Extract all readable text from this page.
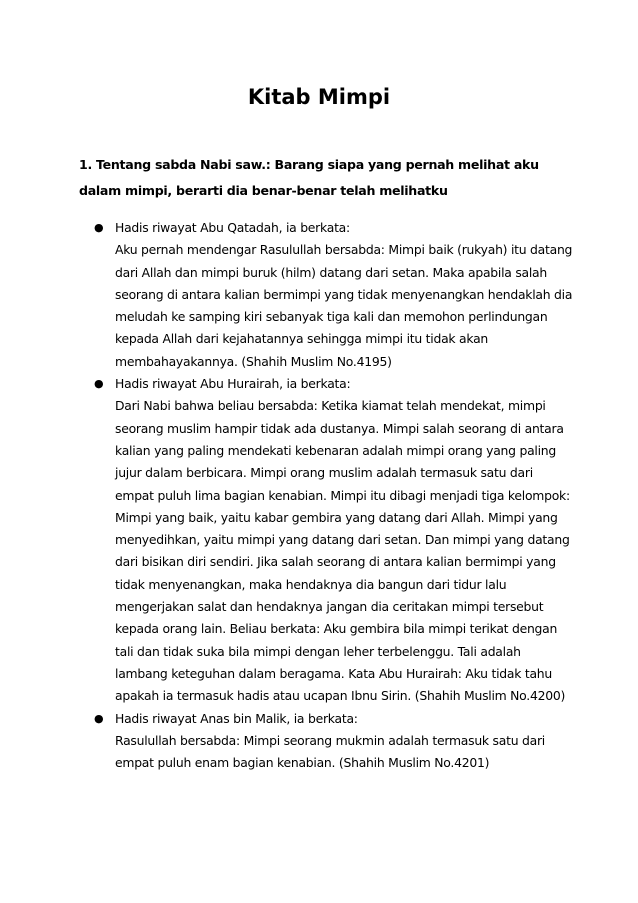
Kitab Mimpi

1. Tentang sabda Nabi saw.: Barang siapa yang pernah melihat aku dalam mimpi, berarti dia benar-benar telah melihatku

● Hadis riwayat Abu Qatadah, ia berkata:

Aku pernah mendengar Rasulullah bersabda: Mimpi baik (rukyah) itu datang dari Allah dan mimpi buruk (hilm) datang dari setan. Maka apabila salah seorang di antara kalian bermimpi yang tidak menyenangkan hendaklah dia meludah ke samping kiri sebanyak tiga kali dan memohon perlindungan kepada Allah dari kejahatannya sehingga mimpi itu tidak akan membahayakannya. (Shahih Muslim No.4195)

● Hadis riwayat Abu Hurairah, ia berkata:

Dari Nabi bahwa beliau bersabda: Ketika kiamat telah mendekat, mimpi seorang muslim hampir tidak ada dustanya. Mimpi salah seorang di antara kalian yang paling mendekati kebenaran adalah mimpi orang yang paling jujur dalam berbicara. Mimpi orang muslim adalah termasuk satu dari empat puluh lima bagian kenabian. Mimpi itu dibagi menjadi tiga kelompok: Mimpi yang baik, yaitu kabar gembira yang datang dari Allah. Mimpi yang menyedihkan, yaitu mimpi yang datang dari setan. Dan mimpi yang datang dari bisikan diri sendiri. Jika salah seorang di antara kalian bermimpi yang tidak menyenangkan, maka hendaknya dia bangun dari tidur lalu mengerjakan salat dan hendaknya jangan dia ceritakan mimpi tersebut kepada orang lain. Beliau berkata: Aku gembira bila mimpi terikat dengan tali dan tidak suka bila mimpi dengan leher terbelenggu. Tali adalah lambang keteguhan dalam beragama. Kata Abu Hurairah: Aku tidak tahu apakah ia termasuk hadis atau ucapan Ibnu Sirin. (Shahih Muslim No.4200)

● Hadis riwayat Anas bin Malik, ia berkata:

Rasulullah bersabda: Mimpi seorang mukmin adalah termasuk satu dari empat puluh enam bagian kenabian. (Shahih Muslim No.4201)
